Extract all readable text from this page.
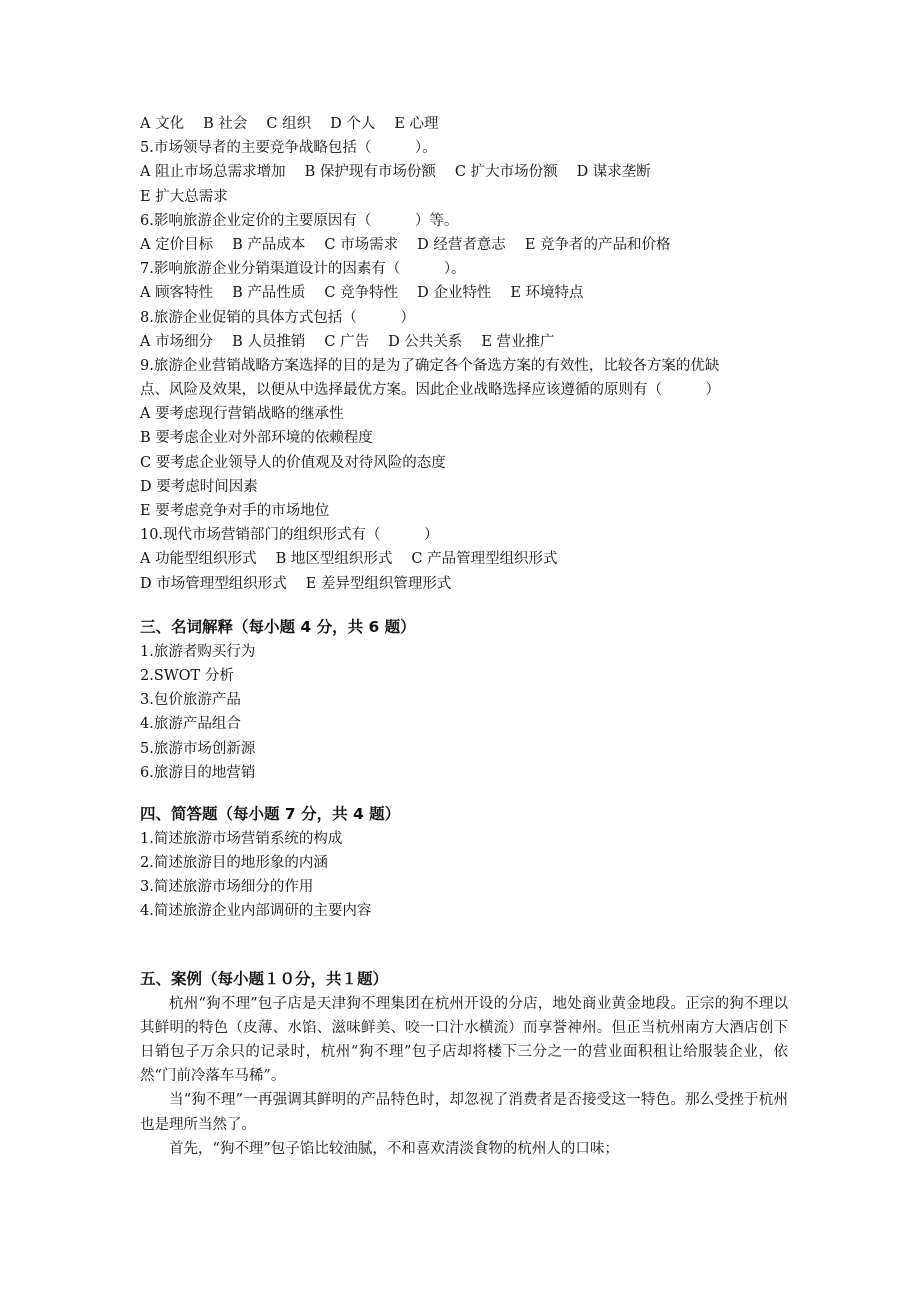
A 文化 B 社会 C 组织 D 个人 E 心理
5.市场领导者的主要竞争战略包括（　　　）。
A 阻止市场总需求增加 B 保护现有市场份额 C 扩大市场份额 D 谋求垄断
E 扩大总需求
6.影响旅游企业定价的主要原因有（　　　）等。
A 定价目标 B 产品成本 C 市场需求 D 经营者意志 E 竞争者的产品和价格
7.影响旅游企业分销渠道设计的因素有（　　　）。
A 顾客特性 B 产品性质 C 竞争特性 D 企业特性 E 环境特点
8.旅游企业促销的具体方式包括（　　　）
A 市场细分 B 人员推销 C 广告 D 公共关系 E 营业推广
9.旅游企业营销战略方案选择的目的是为了确定各个备选方案的有效性，比较各方案的优缺
点、风险及效果，以便从中选择最优方案。因此企业战略选择应该遵循的原则有（　　　）
A 要考虑现行营销战略的继承性
B 要考虑企业对外部环境的依赖程度
C 要考虑企业领导人的价值观及对待风险的态度
D 要考虑时间因素
E 要考虑竞争对手的市场地位
10.现代市场营销部门的组织形式有（　　　）
A 功能型组织形式 B 地区型组织形式 C 产品管理型组织形式
D 市场管理型组织形式 E 差异型组织管理形式
三、名词解释（每小题 4 分，共 6 题）
1.旅游者购买行为
2.SWOT 分析
3.包价旅游产品
4.旅游产品组合
5.旅游市场创新源
6.旅游目的地营销
四、简答题（每小题 7 分，共 4 题）
1.简述旅游市场营销系统的构成
2.简述旅游目的地形象的内涵
3.简述旅游市场细分的作用
4.简述旅游企业内部调研的主要内容
五、案例（每小题１０分，共１题）
杭州“狗不理”包子店是天津狗不理集团在杭州开设的分店，地处商业黄金地段。正宗的狗不理以其鲜明的特色（皮薄、水馅、滋味鲜美、咬一口汁水横流）而享誉神州。但正当杭州南方大酒店创下日销包子万余只的记录时，杭州“狗不理”包子店却将楼下三分之一的营业面积租让给服装企业，依然“门前冷落车马稀”。
当“狗不理”一再强调其鲜明的产品特色时，却忽视了消费者是否接受这一特色。那么受挫于杭州也是理所当然了。
首先，“狗不理”包子馅比较油腻，不和喜欢清淡食物的杭州人的口味；
